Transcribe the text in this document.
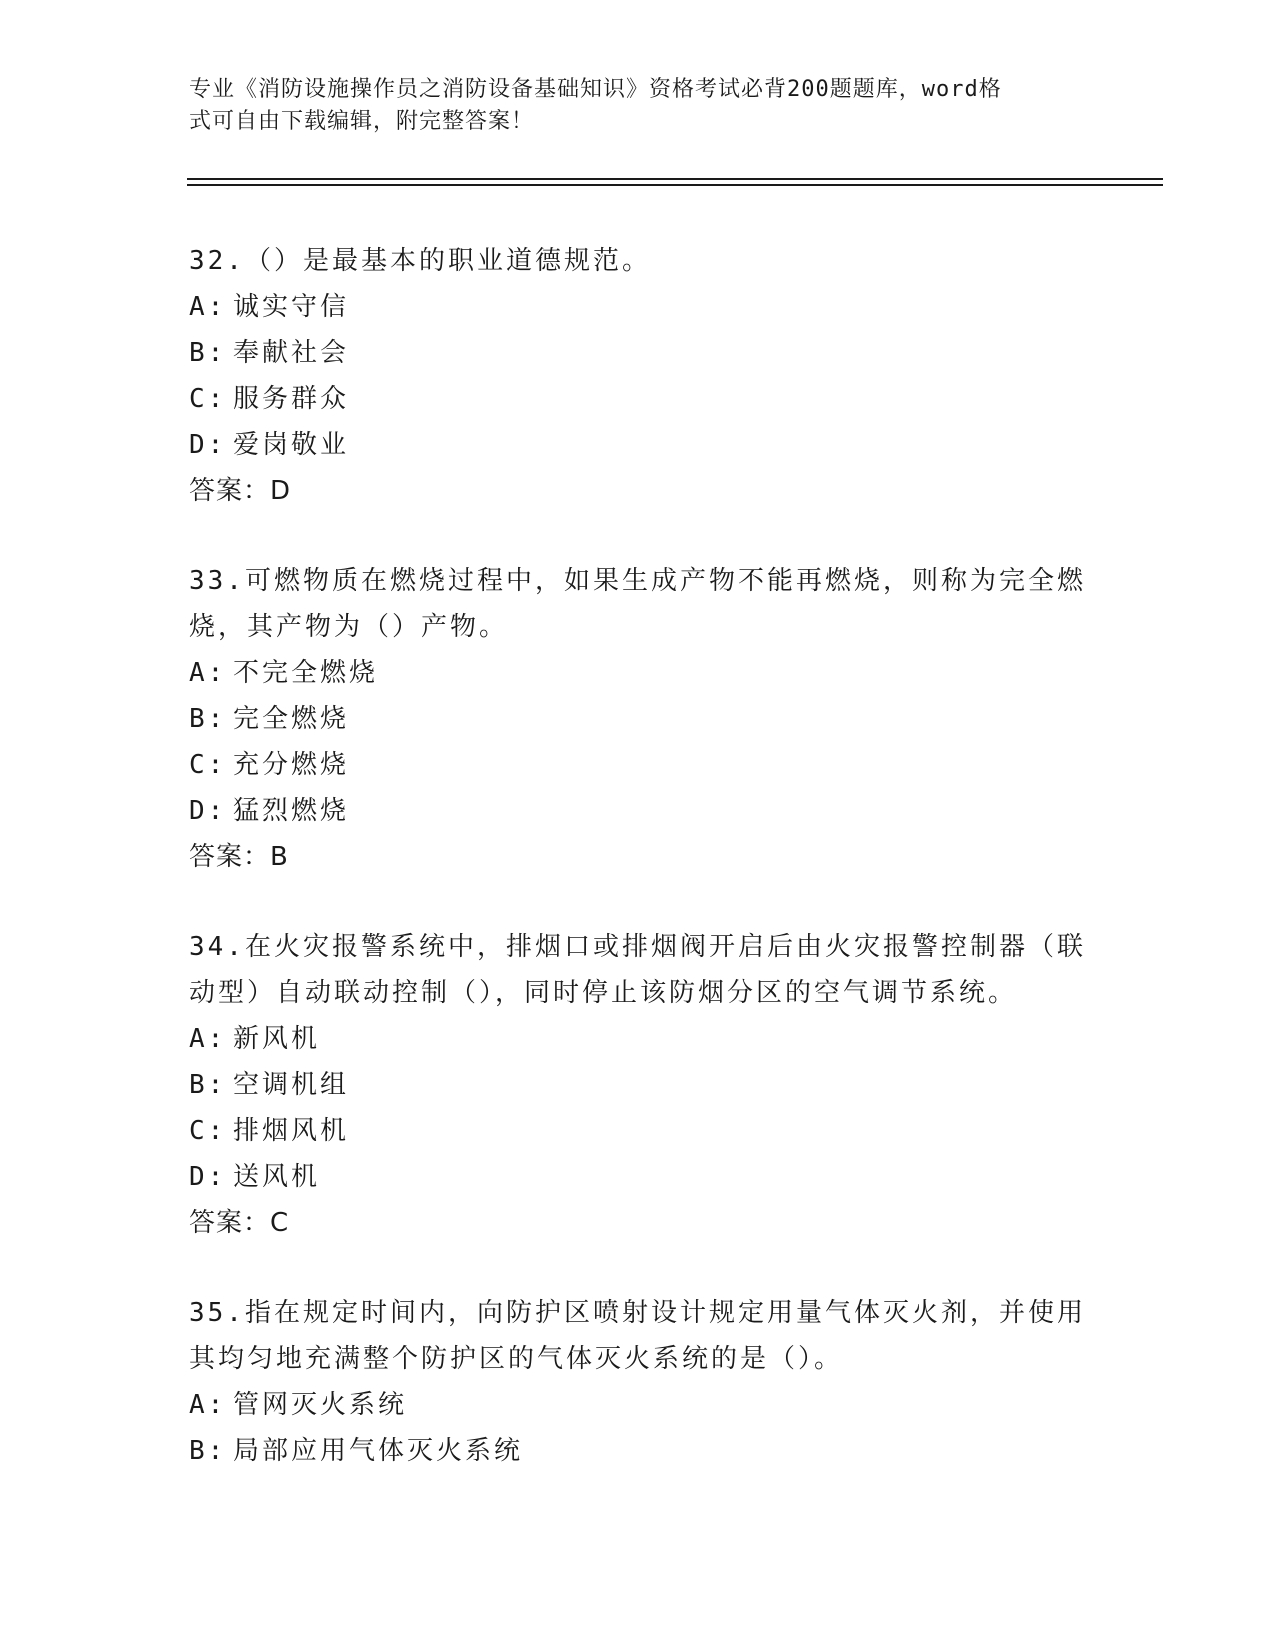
专业《消防设施操作员之消防设备基础知识》资格考试必背200题题库，word格
式可自由下载编辑，附完整答案！
32.（）是最基本的职业道德规范。
A: 诚实守信
B: 奉献社会
C: 服务群众
D: 爱岗敬业
答案：D
33.可燃物质在燃烧过程中，如果生成产物不能再燃烧，则称为完全燃烧，其产物为（）产物。
A: 不完全燃烧
B: 完全燃烧
C: 充分燃烧
D: 猛烈燃烧
答案：B
34.在火灾报警系统中，排烟口或排烟阀开启后由火灾报警控制器（联动型）自动联动控制（），同时停止该防烟分区的空气调节系统。
A: 新风机
B: 空调机组
C: 排烟风机
D: 送风机
答案：C
35.指在规定时间内，向防护区喷射设计规定用量气体灭火剂，并使用其均匀地充满整个防护区的气体灭火系统的是（）。
A: 管网灭火系统
B: 局部应用气体灭火系统
